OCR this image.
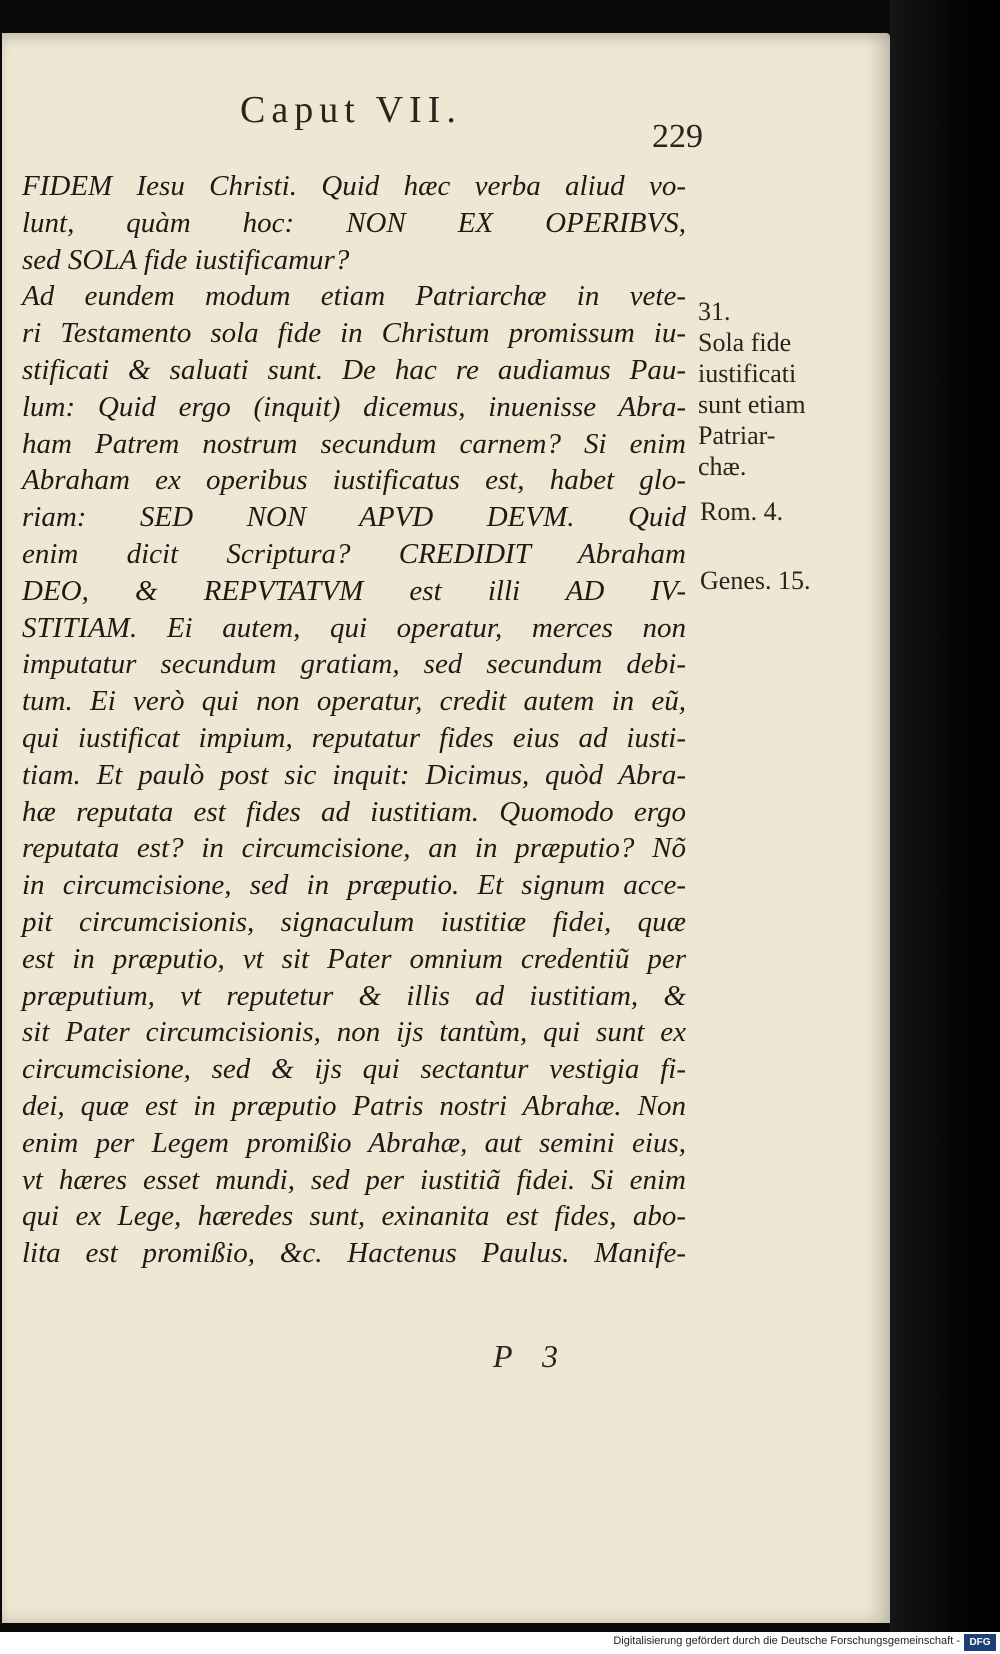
Caput VII.
229
FIDEM Iesu Christi. Quid hæc verba aliud vo-
lunt, quàm hoc: NON EX OPERIBVS,
sed SOLA fide iustificamur?
Ad eundem modum etiam Patriarchæ in vete-
ri Testamento sola fide in Christum promissum iu-
stificati & saluati sunt. De hac re audiamus Pau-
lum: Quid ergo (inquit) dicemus, inuenisse Abra-
ham Patrem nostrum secundum carnem? Si enim
Abraham ex operibus iustificatus est, habet glo-
riam: SED NON APVD DEVM. Quid
enim dicit Scriptura? CREDIDIT Abraham
DEO, & REPVTATVM est illi AD IV-
STITIAM. Ei autem, qui operatur, merces non
imputatur secundum gratiam, sed secundum debi-
tum. Ei verò qui non operatur, credit autem in eũ,
qui iustificat impium, reputatur fides eius ad iusti-
tiam. Et paulò post sic inquit: Dicimus, quòd Abra-
hæ reputata est fides ad iustitiam. Quomodo ergo
reputata est? in circumcisione, an in præputio? Nõ
in circumcisione, sed in præputio. Et signum acce-
pit circumcisionis, signaculum iustitiæ fidei, quæ
est in præputio, vt sit Pater omnium credentiũ per
præputium, vt reputetur & illis ad iustitiam, &
sit Pater circumcisionis, non ijs tantùm, qui sunt ex
circumcisione, sed & ijs qui sectantur vestigia fi-
dei, quæ est in præputio Patris nostri Abrahæ. Non
enim per Legem promißio Abrahæ, aut semini eius,
vt hæres esset mundi, sed per iustitiã fidei. Si enim
qui ex Lege, hæredes sunt, exinanita est fides, abo-
lita est promißio, &c. Hactenus Paulus. Manife-
31.
Sola fide
iustificati
sunt etiam
Patriar-
chæ.
Rom. 4.
Genes. 15.
P 3
Digitalisierung gefördert durch die Deutsche Forschungsgemeinschaft - DFG
